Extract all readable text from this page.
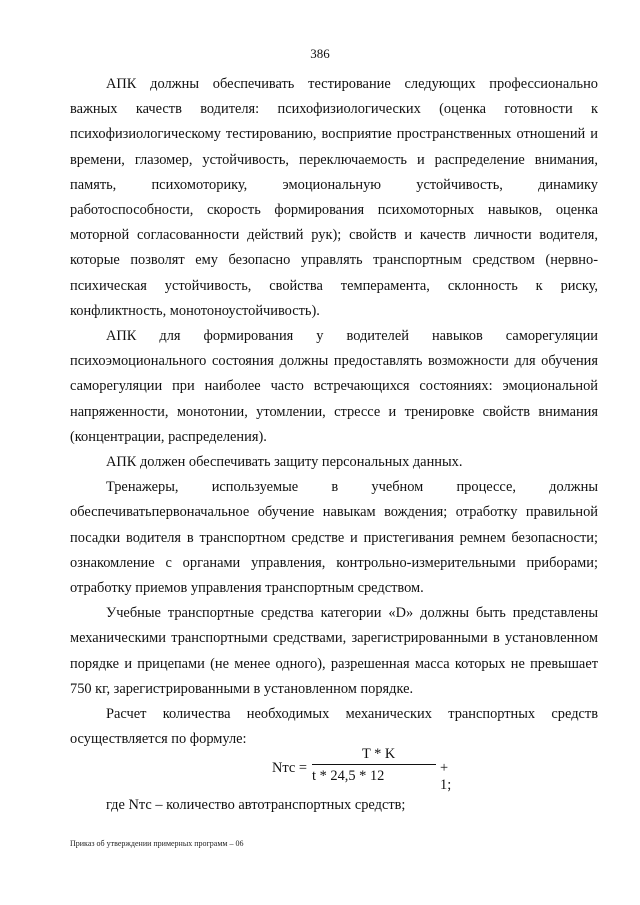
386

АПК должны обеспечивать тестирование следующих профессионально важных качеств водителя: психофизиологических (оценка готовности к психофизиологическому тестированию, восприятие пространственных отношений и времени, глазомер, устойчивость, переключаемость и распределение внимания, память, психомоторику, эмоциональную устойчивость, динамику работоспособности, скорость формирования психомоторных навыков, оценка моторной согласованности действий рук); свойств и качеств личности водителя, которые позволят ему безопасно управлять транспортным средством (нервно-психическая устойчивость, свойства темперамента, склонность к риску, конфликтность, монотоноустойчивость).

АПК для формирования у водителей навыков саморегуляции психоэмоционального состояния должны предоставлять возможности для обучения саморегуляции при наиболее часто встречающихся состояниях: эмоциональной напряженности, монотонии, утомлении, стрессе и тренировке свойств внимания (концентрации, распределения).

АПК должен обеспечивать защиту персональных данных.

Тренажеры, используемые в учебном процессе, должны обеспечиватьпервоначальное обучение навыкам вождения; отработку правильной посадки водителя в транспортном средстве и пристегивания ремнем безопасности; ознакомление с органами управления, контрольно-измерительными приборами; отработку приемов управления транспортным средством.

Учебные транспортные средства категории «D» должны быть представлены механическими транспортными средствами, зарегистрированными в установленном порядке и прицепами (не менее одного), разрешенная масса которых не превышает 750 кг, зарегистрированными в установленном порядке.

Расчет количества необходимых механических транспортных средств осуществляется по формуле:

Nтс =
T * K
t * 24,5 * 12	+ 1;
где Nтс – количество автотранспортных средств;
Приказ об утверждении примерных программ – 06
